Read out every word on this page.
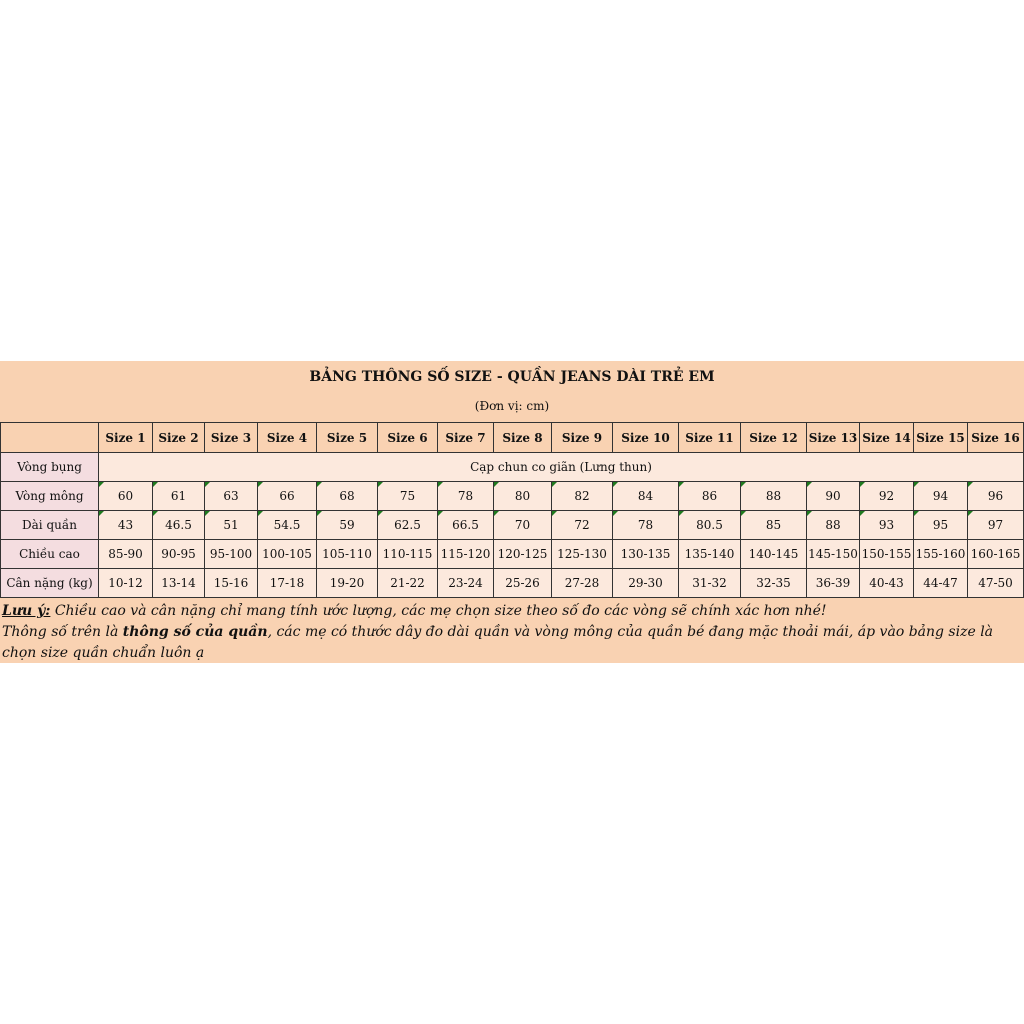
BẢNG THÔNG SỐ SIZE - QUẦN JEANS DÀI TRẺ EM
(Đơn vị: cm)
	Size 1	Size 2	Size 3	Size 4	Size 5	Size 6	Size 7	Size 8	Size 9	Size 10	Size 11	Size 12	Size 13	Size 14	Size 15	Size 16
Vòng bụng	Cạp chun co giãn (Lưng thun)															
Vòng mông	60	61	63	66	68	75	78	80	82	84	86	88	90	92	94	96
Dài quần	43	46.5	51	54.5	59	62.5	66.5	70	72	78	80.5	85	88	93	95	97
Chiều cao	85-90	90-95	95-100	100-105	105-110	110-115	115-120	120-125	125-130	130-135	135-140	140-145	145-150	150-155	155-160	160-165
Cân nặng (kg)	10-12	13-14	15-16	17-18	19-20	21-22	23-24	25-26	27-28	29-30	31-32	32-35	36-39	40-43	44-47	47-50
Lưu ý: Chiều cao và cân nặng chỉ mang tính ước lượng, các mẹ chọn size theo số đo các vòng sẽ chính xác hơn nhé!
Thông số trên là thông số của quần, các mẹ có thước dây đo dài quần và vòng mông của quần bé đang mặc thoải mái, áp vào bảng size là chọn size quần chuẩn luôn ạ
